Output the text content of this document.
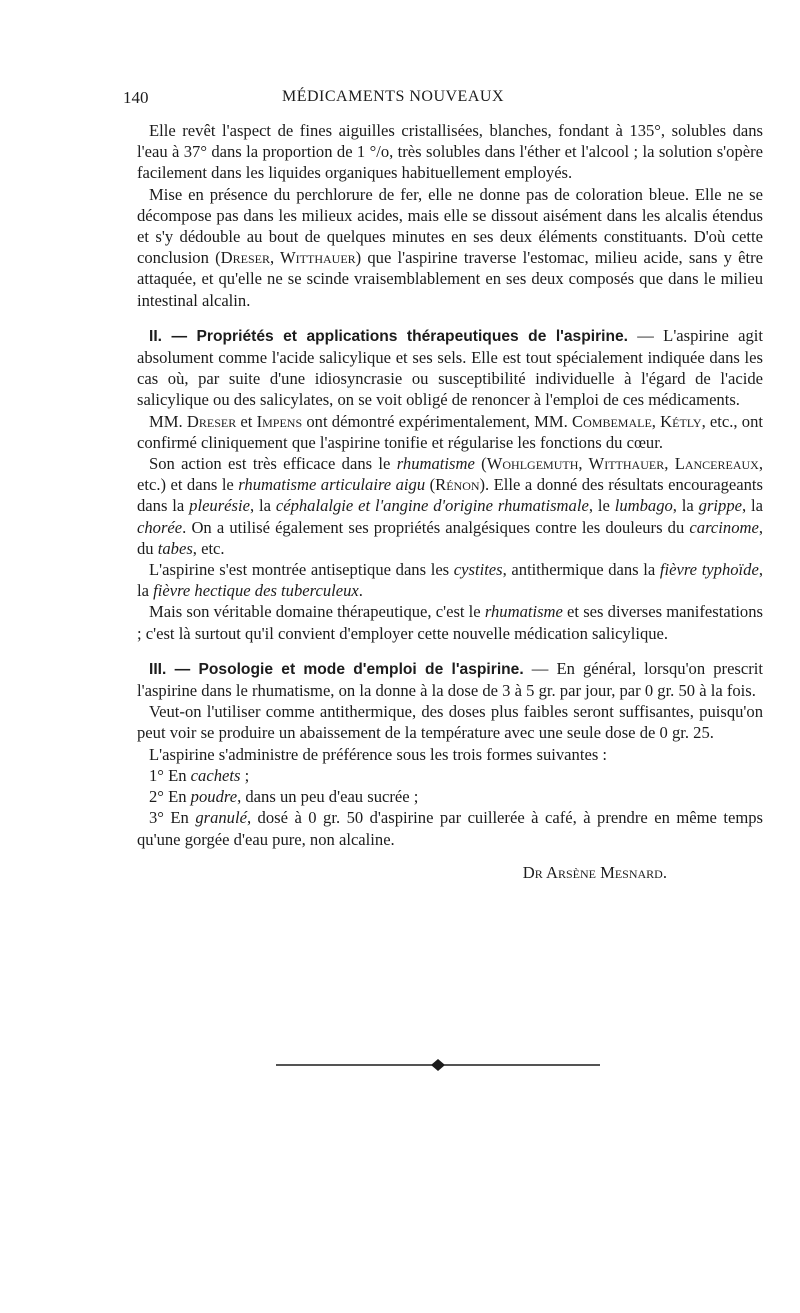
140	MÉDICAMENTS NOUVEAUX

Elle revêt l'aspect de fines aiguilles cristallisées, blanches, fondant à 135°, solubles dans l'eau à 37° dans la proportion de 1 °/o, très solubles dans l'éther et l'alcool ; la solution s'opère facilement dans les liquides organiques habituellement employés.

Mise en présence du perchlorure de fer, elle ne donne pas de coloration bleue. Elle ne se décompose pas dans les milieux acides, mais elle se dissout aisément dans les alcalis étendus et s'y dédouble au bout de quelques minutes en ses deux éléments constituants. D'où cette conclusion (Dreser, Witthauer) que l'aspirine traverse l'estomac, milieu acide, sans y être attaquée, et qu'elle ne se scinde vraisemblablement en ses deux composés que dans le milieu intestinal alcalin.

II. — Propriétés et applications thérapeutiques de l'aspirine. — L'aspirine agit absolument comme l'acide salicylique et ses sels. Elle est tout spécialement indiquée dans les cas où, par suite d'une idiosyncrasie ou susceptibilité individuelle à l'égard de l'acide salicylique ou des salicylates, on se voit obligé de renoncer à l'emploi de ces médicaments.

MM. Dreser et Impens ont démontré expérimentalement, MM. Combemale, Kétly, etc., ont confirmé cliniquement que l'aspirine tonifie et régularise les fonctions du cœur.

Son action est très efficace dans le rhumatisme (Wohlgemuth, Witthauer, Lancereaux, etc.) et dans le rhumatisme articulaire aigu (Rénon). Elle a donné des résultats encourageants dans la pleurésie, la céphalalgie et l'angine d'origine rhumatismale, le lumbago, la grippe, la chorée. On a utilisé également ses propriétés analgésiques contre les douleurs du carcinome, du tabes, etc.

L'aspirine s'est montrée antiseptique dans les cystites, antithermique dans la fièvre typhoïde, la fièvre hectique des tuberculeux.

Mais son véritable domaine thérapeutique, c'est le rhumatisme et ses diverses manifestations ; c'est là surtout qu'il convient d'employer cette nouvelle médication salicylique.

III. — Posologie et mode d'emploi de l'aspirine. — En général, lorsqu'on prescrit l'aspirine dans le rhumatisme, on la donne à la dose de 3 à 5 gr. par jour, par 0 gr. 50 à la fois.

Veut-on l'utiliser comme antithermique, des doses plus faibles seront suffisantes, puisqu'on peut voir se produire un abaissement de la température avec une seule dose de 0 gr. 25.

L'aspirine s'administre de préférence sous les trois formes suivantes :

1° En cachets ;

2° En poudre, dans un peu d'eau sucrée ;

3° En granulé, dosé à 0 gr. 50 d'aspirine par cuillerée à café, à prendre en même temps qu'une gorgée d'eau pure, non alcaline.

Dr Arsène Mesnard.
